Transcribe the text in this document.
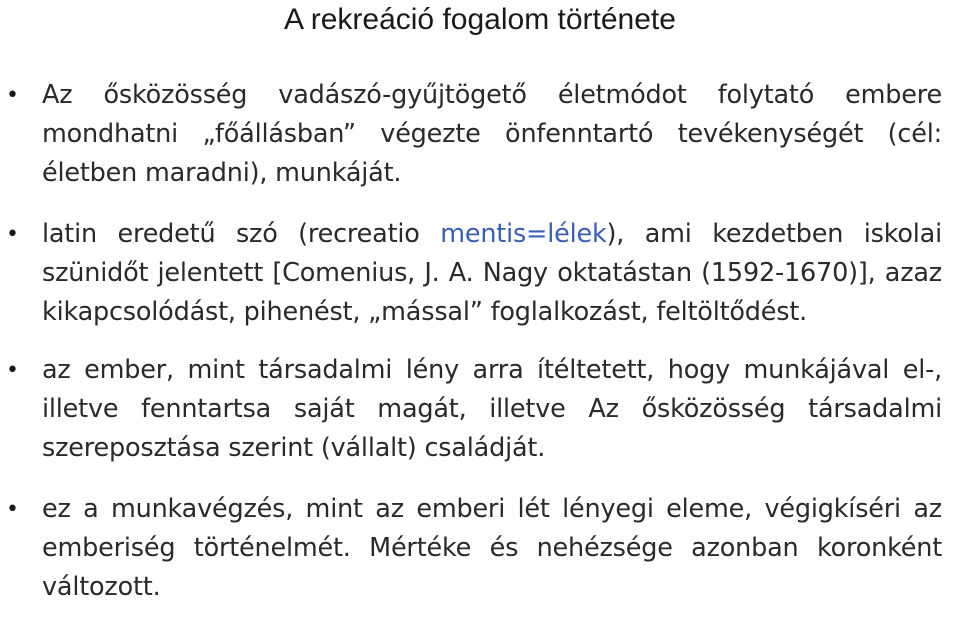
A rekreáció fogalom története
• Az ősközösség vadászó-gyűjtögető életmódot folytató embere mondhatni „főállásban” végezte önfenntartó tevékenységét (cél: életben maradni), munkáját.
• latin eredetű szó (recreatio mentis=lélek), ami kezdetben iskolai szünidőt jelentett [Comenius, J. A. Nagy oktatástan (1592-1670)], azaz kikapcsolódást, pihenést, „mással” foglalkozást, feltöltődést.
• az ember, mint társadalmi lény arra ítéltetett, hogy munkájával el-, illetve fenntartsa saját magát, illetve Az ősközösség társadalmi szereposztása szerint (vállalt) családját.
• ez a munkavégzés, mint az emberi lét lényegi eleme, végigkíséri az emberiség történelmét. Mértéke és nehézsége azonban koronként változott.
